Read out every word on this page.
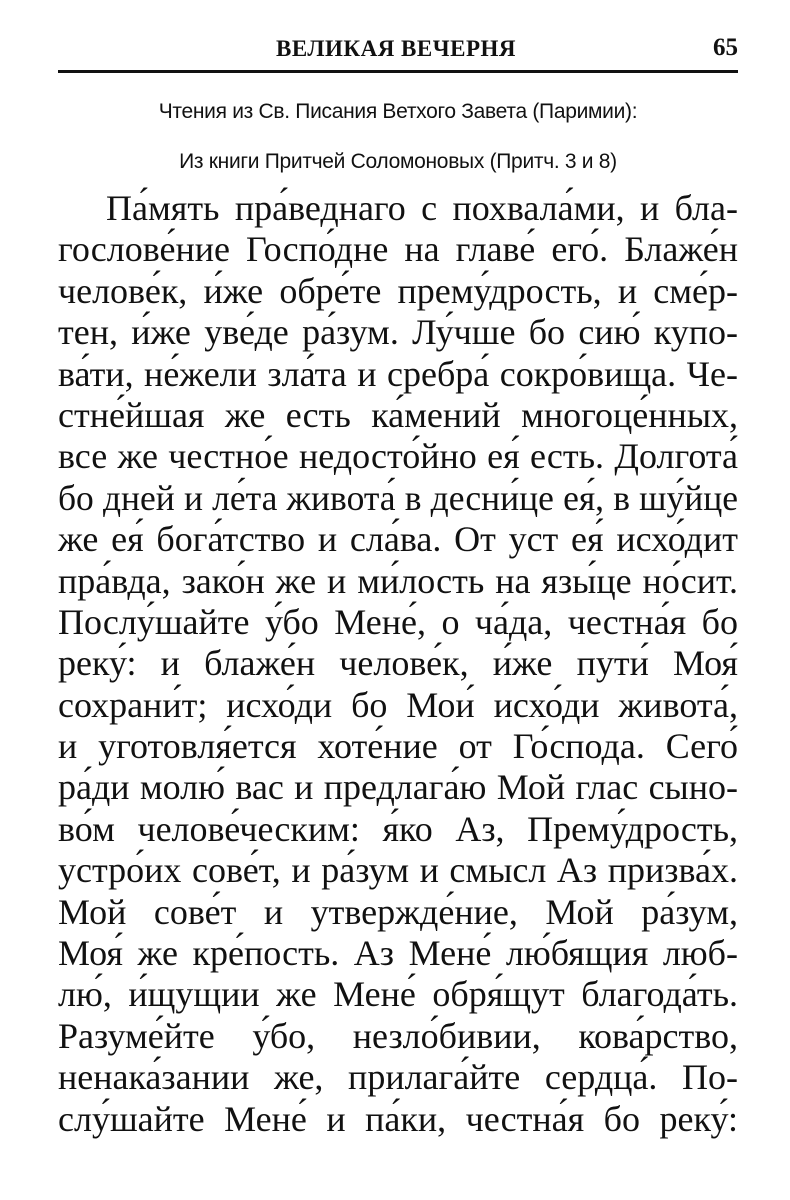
ВЕЛИКАЯ ВЕЧЕРНЯ	65
Чтения из Св. Писания Ветхого Завета (Паримии):
Из книги Притчей Соломоновых (Притч. 3 и 8)
Па́мять пра́веднаго с похвала́ми, и бла-
гослове́ние Госпо́дне на главе́ его́. Блаже́н
челове́к, и́же обре́те прему́дрость, и сме́р-
тен, и́же уве́де ра́зум. Лу́чше бо сию́ купо-
ва́ти, не́жели зла́та и сребра́ сокро́вища. Че-
стне́йшая же есть ка́мений многоце́нных,
все же честно́е недосто́йно ея́ есть. Долгота́
бо дней и ле́та живота́ в десни́це ея́, в шу́йце
же ея́ бога́тство и сла́ва. От уст ея́ исхо́дит
пра́вда, зако́н же и ми́лость на язы́це но́сит.
Послу́шайте у́бо Мене́, о ча́да, честна́я бо
реку́: и блаже́н челове́к, и́же пути́ Моя́
сохрани́т; исхо́ди бо Мои́ исхо́ди живота́,
и уготовля́ется хоте́ние от Го́спода. Сего́
ра́ди молю́ вас и предлага́ю Мой глас сыно-
во́м челове́ческим: я́ко Аз, Прему́дрость,
устро́их сове́т, и ра́зум и смысл Аз призва́х.
Мой сове́т и утвержде́ние, Мой ра́зум,
Моя́ же кре́пость. Аз Мене́ лю́бящия люб-
лю́, и́щущии же Мене́ обря́щут благода́ть.
Разуме́йте у́бо, незло́бивии, кова́рство,
ненака́зании же, прилага́йте сердца́. По-
слу́шайте Мене́ и па́ки, честна́я бо реку́:
